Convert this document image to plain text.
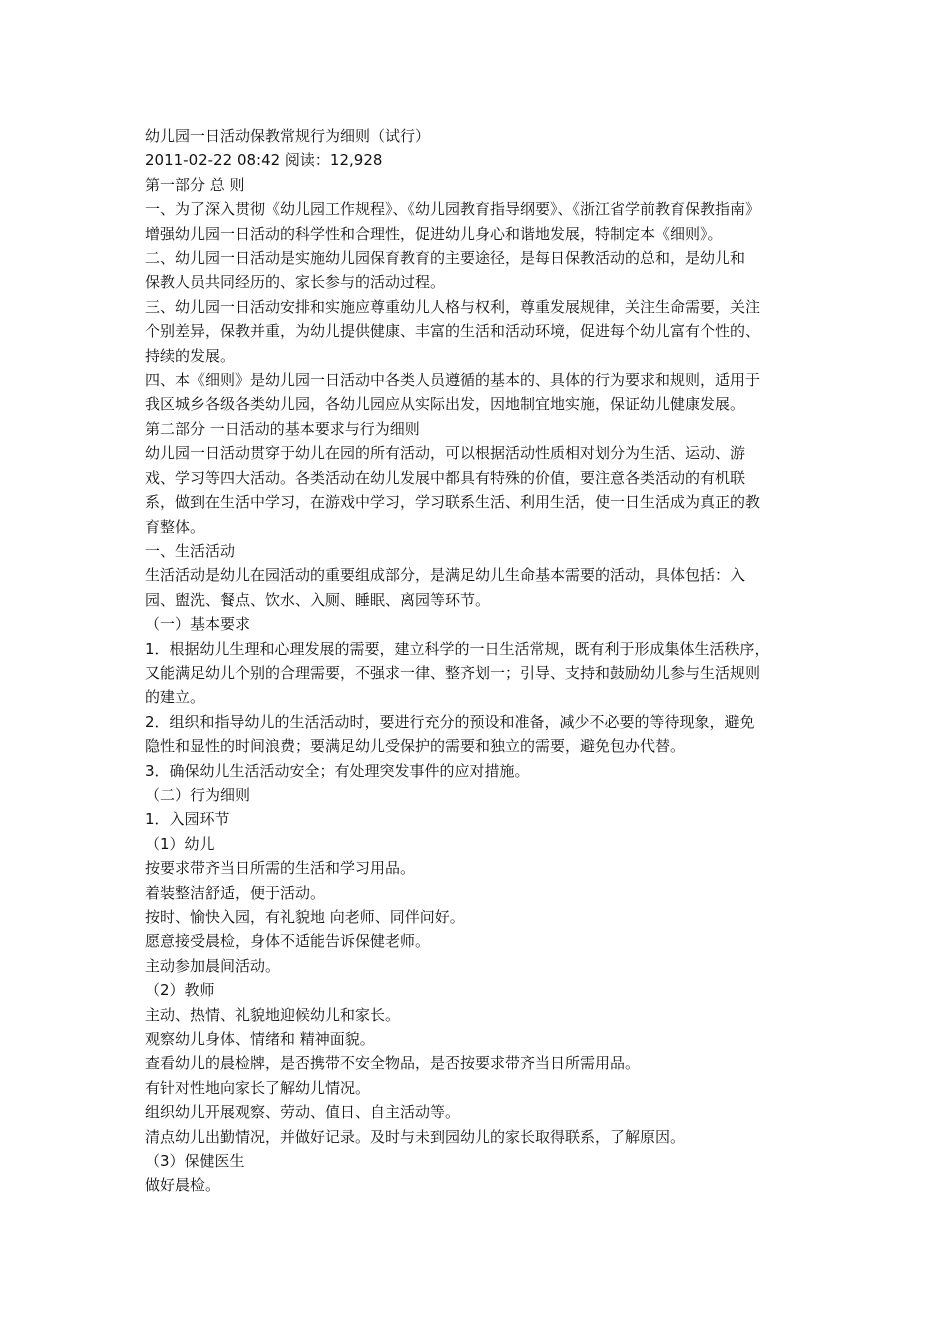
幼儿园一日活动保教常规行为细则（试行）

2011-02-22 08:42 阅读：12,928

第一部分 总 则

一、为了深入贯彻《幼儿园工作规程》、《幼儿园教育指导纲要》、《浙江省学前教育保教指南》

增强幼儿园一日活动的科学性和合理性，促进幼儿身心和谐地发展，特制定本《细则》。

二、幼儿园一日活动是实施幼儿园保育教育的主要途径，是每日保教活动的总和，是幼儿和

保教人员共同经历的、家长参与的活动过程。

三、幼儿园一日活动安排和实施应尊重幼儿人格与权利，尊重发展规律，关注生命需要，关注

个别差异，保教并重，为幼儿提供健康、丰富的生活和活动环境，促进每个幼儿富有个性的、

持续的发展。

四、本《细则》是幼儿园一日活动中各类人员遵循的基本的、具体的行为要求和规则，适用于

我区城乡各级各类幼儿园，各幼儿园应从实际出发，因地制宜地实施，保证幼儿健康发展。

第二部分 一日活动的基本要求与行为细则

幼儿园一日活动贯穿于幼儿在园的所有活动，可以根据活动性质相对划分为生活、运动、游

戏、学习等四大活动。各类活动在幼儿发展中都具有特殊的价值，要注意各类活动的有机联

系，做到在生活中学习，在游戏中学习，学习联系生活、利用生活，使一日生活成为真正的教

育整体。

一、生活活动

生活活动是幼儿在园活动的重要组成部分，是满足幼儿生命基本需要的活动，具体包括：入

园、盥洗、餐点、饮水、入厕、睡眠、离园等环节。

（一）基本要求

1．根据幼儿生理和心理发展的需要，建立科学的一日生活常规，既有利于形成集体生活秩序，

又能满足幼儿个别的合理需要，不强求一律、整齐划一；引导、支持和鼓励幼儿参与生活规则

的建立。

2．组织和指导幼儿的生活活动时，要进行充分的预设和准备，减少不必要的等待现象，避免

隐性和显性的时间浪费；要满足幼儿受保护的需要和独立的需要，避免包办代替。

3．确保幼儿生活活动安全；有处理突发事件的应对措施。

（二）行为细则

1．入园环节

（1）幼儿

按要求带齐当日所需的生活和学习用品。

着装整洁舒适，便于活动。

按时、愉快入园，有礼貌地 向老师、同伴问好。

愿意接受晨检，身体不适能告诉保健老师。

主动参加晨间活动。

（2）教师

主动、热情、礼貌地迎候幼儿和家长。

观察幼儿身体、情绪和 精神面貌。

查看幼儿的晨检牌，是否携带不安全物品，是否按要求带齐当日所需用品。

有针对性地向家长了解幼儿情况。

组织幼儿开展观察、劳动、值日、自主活动等。

清点幼儿出勤情况，并做好记录。及时与未到园幼儿的家长取得联系，了解原因。

（3）保健医生

做好晨检。
